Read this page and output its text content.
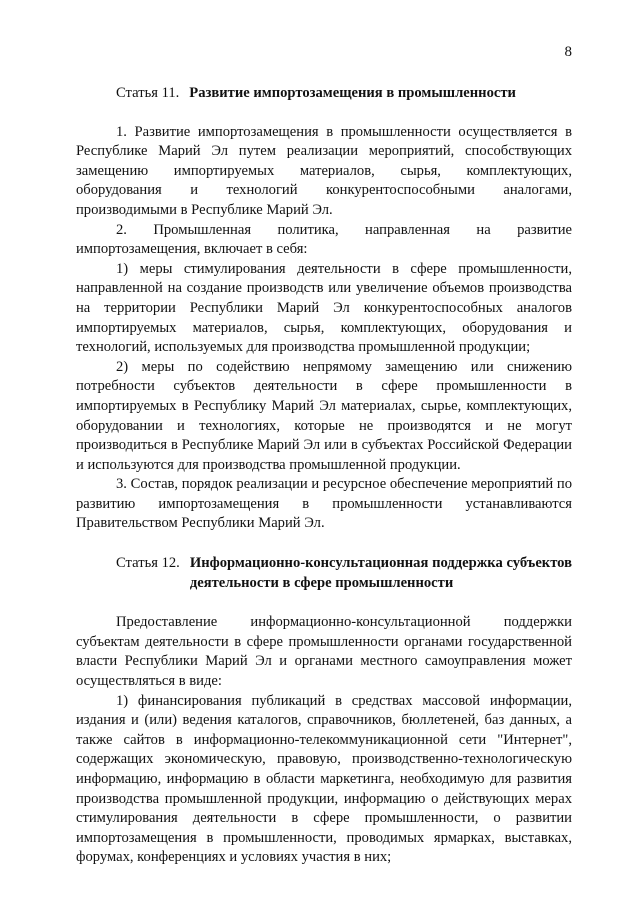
8
Статья 11. Развитие импортозамещения в промышленности

1. Развитие импортозамещения в промышленности осуществляется в Республике Марий Эл путем реализации мероприятий, способствующих замещению импортируемых материалов, сырья, комплектующих, оборудования и технологий конкурентоспособными аналогами, производимыми в Республике Марий Эл.

2. Промышленная политика, направленная на развитие импортозамещения, включает в себя:

1) меры стимулирования деятельности в сфере промышленности, направленной на создание производств или увеличение объемов производства на территории Республики Марий Эл конкурентоспособных аналогов импортируемых материалов, сырья, комплектующих, оборудования и технологий, используемых для производства промышленной продукции;

2) меры по содействию непрямому замещению или снижению потребности субъектов деятельности в сфере промышленности в импортируемых в Республику Марий Эл материалах, сырье, комплектующих, оборудовании и технологиях, которые не производятся и не могут производиться в Республике Марий Эл или в субъектах Российской Федерации и используются для производства промышленной продукции.

3. Состав, порядок реализации и ресурсное обеспечение мероприятий по развитию импортозамещения в промышленности устанавливаются Правительством Республики Марий Эл.

Статья 12. Информационно-консультационная поддержка субъектов деятельности в сфере промышленности

Предоставление информационно-консультационной поддержки субъектам деятельности в сфере промышленности органами государственной власти Республики Марий Эл и органами местного самоуправления может осуществляться в виде:

1) финансирования публикаций в средствах массовой информации, издания и (или) ведения каталогов, справочников, бюллетеней, баз данных, а также сайтов в информационно-телекоммуникационной сети "Интернет", содержащих экономическую, правовую, производственно-технологическую информацию, информацию в области маркетинга, необходимую для развития производства промышленной продукции, информацию о действующих мерах стимулирования деятельности в сфере промышленности, о развитии импортозамещения в промышленности, проводимых ярмарках, выставках, форумах, конференциях и условиях участия в них;
